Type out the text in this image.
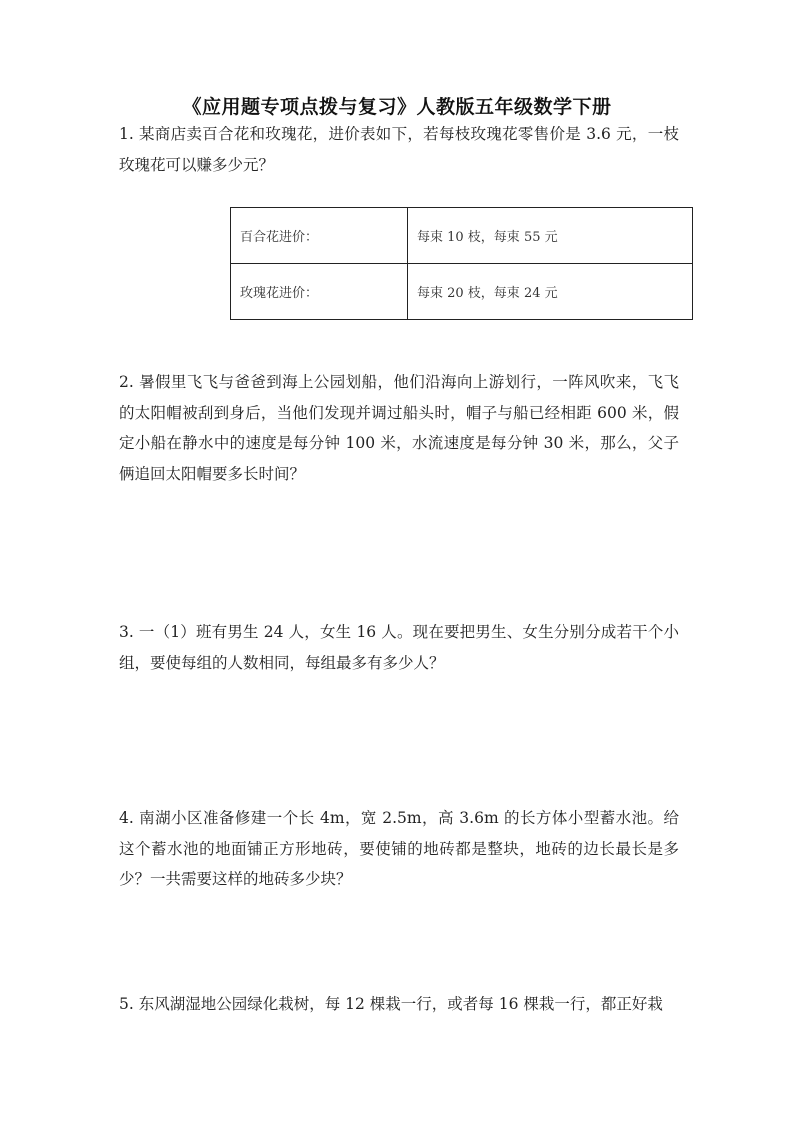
《应用题专项点拨与复习》人教版五年级数学下册
1. 某商店卖百合花和玫瑰花，进价表如下，若每枝玫瑰花零售价是 3.6 元，一枝玫瑰花可以赚多少元？
百合花进价：	每束 10 枝，每束 55 元
玫瑰花进价：	每束 20 枝，每束 24 元
2. 暑假里飞飞与爸爸到海上公园划船，他们沿海向上游划行，一阵风吹来，飞飞的太阳帽被刮到身后，当他们发现并调过船头时，帽子与船已经相距 600 米，假定小船在静水中的速度是每分钟 100 米，水流速度是每分钟 30 米，那么，父子俩追回太阳帽要多长时间？
3. 一（1）班有男生 24 人，女生 16 人。现在要把男生、女生分别分成若干个小组，要使每组的人数相同，每组最多有多少人？
4. 南湖小区准备修建一个长 4m，宽 2.5m，高 3.6m 的长方体小型蓄水池。给这个蓄水池的地面铺正方形地砖，要使铺的地砖都是整块，地砖的边长最长是多少？一共需要这样的地砖多少块？
5. 东风湖湿地公园绿化栽树，每 12 棵栽一行，或者每 16 棵栽一行，都正好栽
